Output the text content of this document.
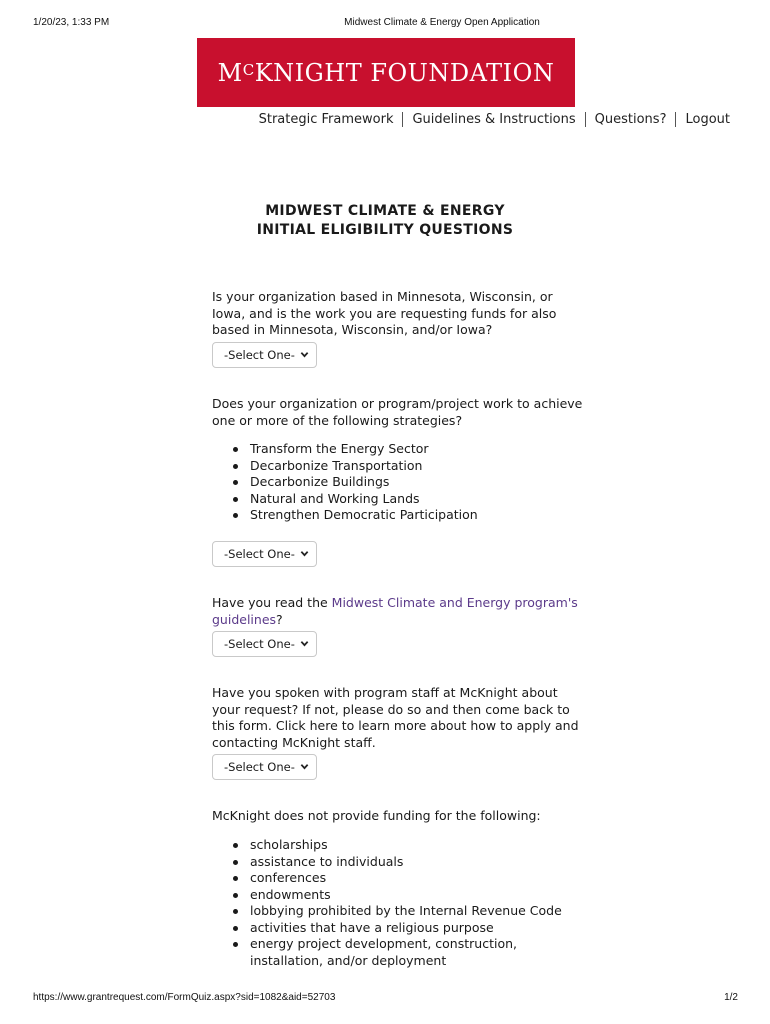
1/20/23, 1:33 PM	Midwest Climate & Energy Open Application
$M^CKNIGHT$ FOUNDATION
Strategic Framework Guidelines & Instructions Questions? Logout
MIDWEST CLIMATE & ENERGY
INITIAL ELIGIBILITY QUESTIONS
Is your organization based in Minnesota, Wisconsin, or Iowa, and is the work you are requesting funds for also based in Minnesota, Wisconsin, and/or Iowa?
-Select One-
Does your organization or program/project work to achieve one or more of the following strategies?
Transform the Energy Sector
Decarbonize Transportation
Decarbonize Buildings
Natural and Working Lands
Strengthen Democratic Participation
-Select One-
Have you read the Midwest Climate and Energy program's guidelines?
-Select One-
Have you spoken with program staff at McKnight about your request? If not, please do so and then come back to this form. Click here to learn more about how to apply and contacting McKnight staff.
-Select One-
McKnight does not provide funding for the following:
scholarships
assistance to individuals
conferences
endowments
lobbying prohibited by the Internal Revenue Code
activities that have a religious purpose
energy project development, construction, installation, and/or deployment
https://www.grantrequest.com/FormQuiz.aspx?sid=1082&aid=52703	1/2
